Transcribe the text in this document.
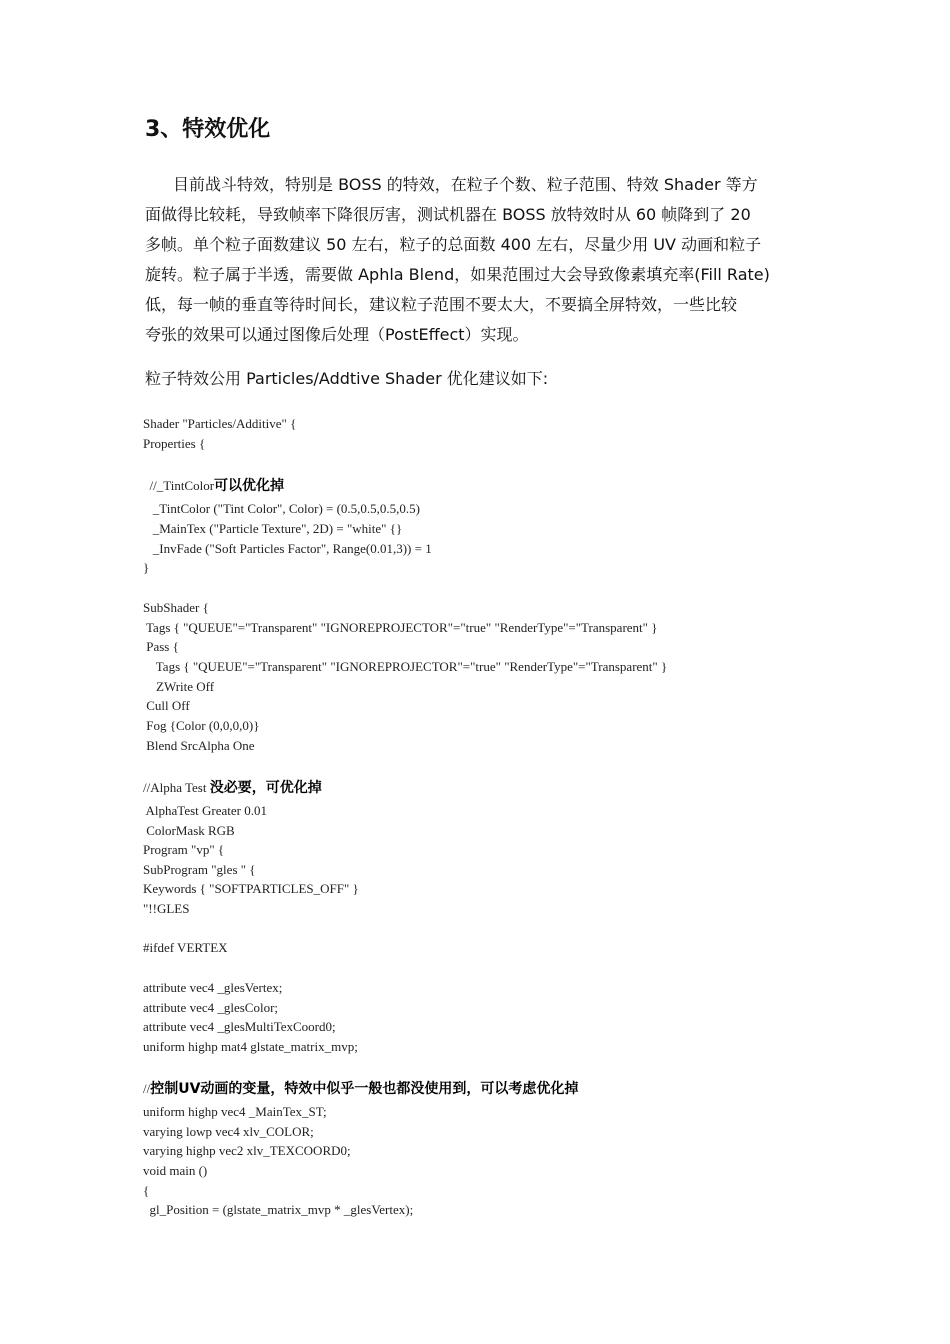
3、特效优化
目前战斗特效，特别是 BOSS 的特效，在粒子个数、粒子范围、特效 Shader 等方
面做得比较耗，导致帧率下降很厉害，测试机器在 BOSS 放特效时从 60 帧降到了 20
多帧。单个粒子面数建议 50 左右，粒子的总面数 400 左右，尽量少用 UV 动画和粒子
旋转。粒子属于半透，需要做 Aphla Blend，如果范围过大会导致像素填充率(Fill Rate)
低，每一帧的垂直等待时间长，建议粒子范围不要太大，不要搞全屏特效，一些比较
夸张的效果可以通过图像后处理（PostEffect）实现。
粒子特效公用 Particles/Addtive Shader 优化建议如下:
Shader "Particles/Additive" {
Properties {
//_TintColor可以优化掉
_TintColor ("Tint Color", Color) = (0.5,0.5,0.5,0.5)
_MainTex ("Particle Texture", 2D) = "white" {}
_InvFade ("Soft Particles Factor", Range(0.01,3)) = 1
}
SubShader {
Tags { "QUEUE"="Transparent" "IGNOREPROJECTOR"="true" "RenderType"="Transparent" }
Pass {
Tags { "QUEUE"="Transparent" "IGNOREPROJECTOR"="true" "RenderType"="Transparent" }
ZWrite Off
Cull Off
Fog {Color (0,0,0,0)}
Blend SrcAlpha One
//Alpha Test 没必要，可优化掉
AlphaTest Greater 0.01
ColorMask RGB
Program "vp" {
SubProgram "gles " {
Keywords { "SOFTPARTICLES_OFF" }
"!!GLES
#ifdef VERTEX
attribute vec4 _glesVertex;
attribute vec4 _glesColor;
attribute vec4 _glesMultiTexCoord0;
uniform highp mat4 glstate_matrix_mvp;
//控制UV动画的变量，特效中似乎一般也都没使用到，可以考虑优化掉
uniform highp vec4 _MainTex_ST;
varying lowp vec4 xlv_COLOR;
varying highp vec2 xlv_TEXCOORD0;
void main ()
{
gl_Position = (glstate_matrix_mvp * _glesVertex);
